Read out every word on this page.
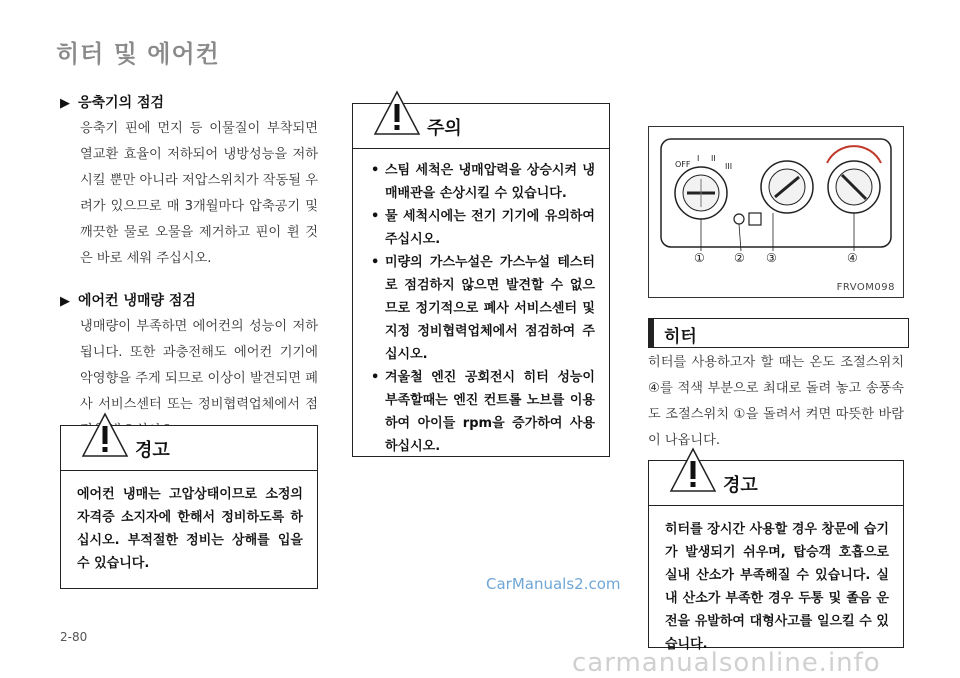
히터 및 에어컨
▶ 응축기의 점검
응축기 핀에 먼지 등 이물질이 부착되면 열교환 효율이 저하되어 냉방성능을 저하시킬 뿐만 아니라 저압스위치가 작동될 우려가 있으므로 매 3개월마다 압축공기 및 깨끗한 물로 오물을 제거하고 핀이 휜 것은 바로 세워 주십시오.
▶ 에어컨 냉매량 점검
냉매량이 부족하면 에어컨의 성능이 저하됩니다. 또한 과충전해도 에어컨 기기에 악영향을 주게 되므로 이상이 발견되면 폐사 서비스센터 또는 정비협력업체에서 점
경고
에어컨 냉매는 고압상태이므로 소정의 자격증 소지자에 한해서 정비하도록 하십시오. 부적절한 정비는 상해를 입을 수 있습니다.
주의
• 스팀 세척은 냉매압력을 상승시켜 냉매배관을 손상시킬 수 있습니다.
• 물 세척시에는 전기 기기에 유의하여 주십시오.
• 미량의 가스누설은 가스누설 테스터로 점검하지 않으면 발견할 수 없으므로 정기적으로 폐사 서비스센터 및 지정 정비협력업체에서 점검하여 주십시오.
• 겨울철 엔진 공회전시 히터 성능이 부족할때는 엔진 컨트롤 노브를 이용하여 아이들 rpm을 증가하여 사용하십시오.
OFF
I II
III
① ② ③	④
FRVOM098
히터
히터를 사용하고자 할 때는 온도 조절스위치 ④를 적색 부분으로 최대로 돌려 놓고 송풍속도 조절스위치 ①을 돌려서 켜면 따뜻한 바람이 나옵니다.
경고
히터를 장시간 사용할 경우 창문에 습기가 발생되기 쉬우며, 탑승객 호흡으로 실내 산소가 부족해질 수 있습니다. 실내 산소가 부족한 경우 두통 및 졸음 운전을 유발하여 대형사고를 일으킬 수 있습니다.
CarManuals2.com
2-80
carmanualsonline.info
